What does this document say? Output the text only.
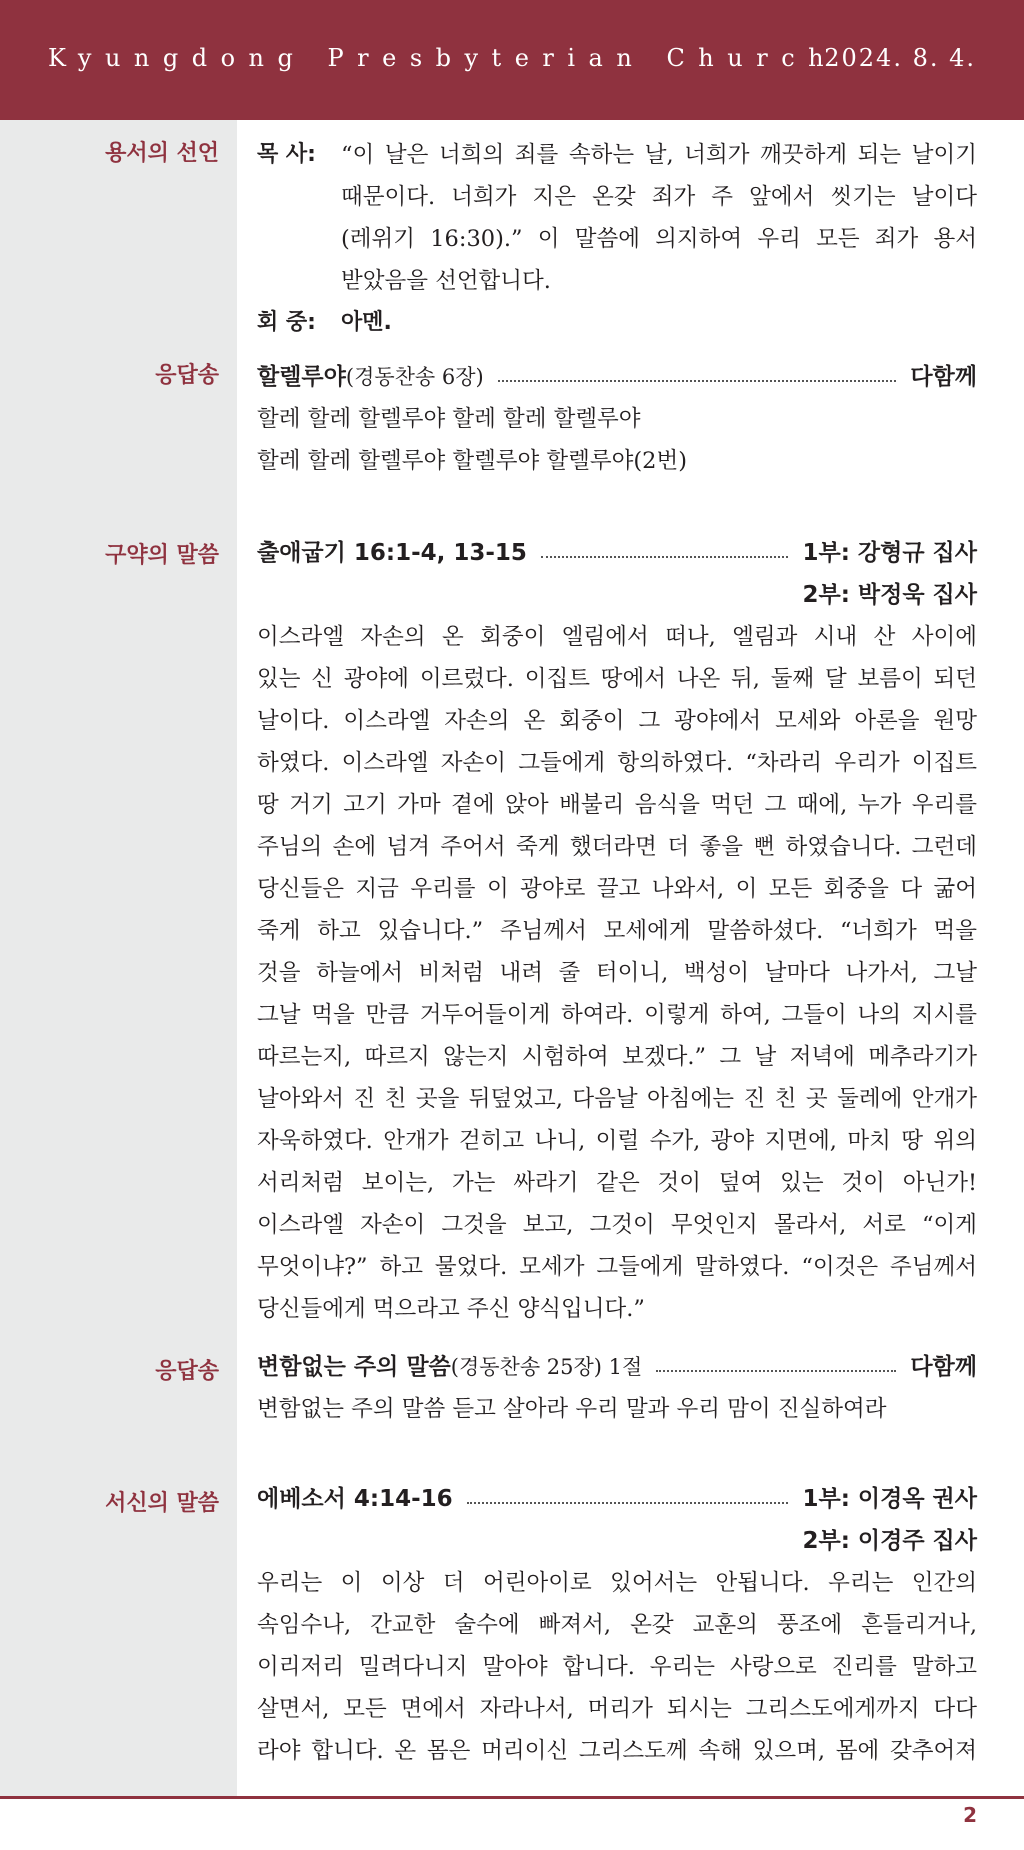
Kyungdong Presbyterian Church
2024. 8. 4.
용서의 선언 목 사: “이 날은 너희의 죄를 속하는 날, 너희가 깨끗하게 되는 날이기
때문이다. 너희가 지은 온갖 죄가 주 앞에서 씻기는 날이다
(레위기 16:30).” 이 말씀에 의지하여 우리 모든 죄가 용서
받았음을 선언합니다.
회 중: 아멘.
응답송 할렐루야 (경동찬송 6장)	다함께
할레 할레 할렐루야 할레 할레 할렐루야
할레 할레 할렐루야 할렐루야 할렐루야(2번)
구약의 말씀 출애굽기 16:1-4, 13-15	1부: 강형규 집사
2부: 박정욱 집사
이스라엘 자손의 온 회중이 엘림에서 떠나, 엘림과 시내 산 사이에
있는 신 광야에 이르렀다. 이집트 땅에서 나온 뒤, 둘째 달 보름이 되던
날이다. 이스라엘 자손의 온 회중이 그 광야에서 모세와 아론을 원망
하였다. 이스라엘 자손이 그들에게 항의하였다. “차라리 우리가 이집트
땅 거기 고기 가마 곁에 앉아 배불리 음식을 먹던 그 때에, 누가 우리를
주님의 손에 넘겨 주어서 죽게 했더라면 더 좋을 뻔 하였습니다. 그런데
당신들은 지금 우리를 이 광야로 끌고 나와서, 이 모든 회중을 다 굶어
죽게 하고 있습니다.” 주님께서 모세에게 말씀하셨다. “너희가 먹을
것을 하늘에서 비처럼 내려 줄 터이니, 백성이 날마다 나가서, 그날
그날 먹을 만큼 거두어들이게 하여라. 이렇게 하여, 그들이 나의 지시를
따르는지, 따르지 않는지 시험하여 보겠다.” 그 날 저녁에 메추라기가
날아와서 진 친 곳을 뒤덮었고, 다음날 아침에는 진 친 곳 둘레에 안개가
자욱하였다. 안개가 걷히고 나니, 이럴 수가, 광야 지면에, 마치 땅 위의
서리처럼 보이는, 가는 싸라기 같은 것이 덮여 있는 것이 아닌가!
이스라엘 자손이 그것을 보고, 그것이 무엇인지 몰라서, 서로 “이게
무엇이냐?” 하고 물었다. 모세가 그들에게 말하였다. “이것은 주님께서
당신들에게 먹으라고 주신 양식입니다.”
응답송 변함없는 주의 말씀 (경동찬송 25장) 1절	다함께
변함없는 주의 말씀 듣고 살아라 우리 말과 우리 맘이 진실하여라
서신의 말씀 에베소서 4:14-16	1부: 이경옥 권사
2부: 이경주 집사
우리는 이 이상 더 어린아이로 있어서는 안됩니다. 우리는 인간의
속임수나, 간교한 술수에 빠져서, 온갖 교훈의 풍조에 흔들리거나,
이리저리 밀려다니지 말아야 합니다. 우리는 사랑으로 진리를 말하고
살면서, 모든 면에서 자라나서, 머리가 되시는 그리스도에게까지 다다
라야 합니다. 온 몸은 머리이신 그리스도께 속해 있으며, 몸에 갖추어져
2
